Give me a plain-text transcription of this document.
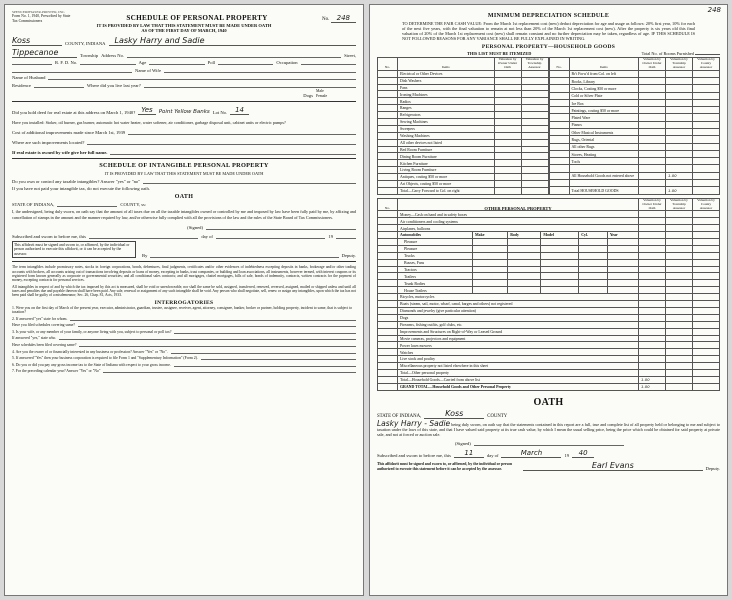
SPENCERPHASER-PRINTER, INC.
Form No. 1, 1940, Prescribed by State Tax Commissioners	SCHEDULE OF PERSONAL PROPERTY	No. 248
IT IS PROVIDED BY LAW THAT THIS STATEMENT MUST BE MADE UNDER OATH
AS OF THE FIRST DAY OF MARCH, 1940
Koss	COUNTY, INDIANA	Lasky Harry and Sadie
Tippecanoe	Township Address No.	Street,
R. F. D. No.	Age	Poll	Occupation
Name of Wife
Name of Husband
Residence	Where did you live last year?
Dogs
Male
Female
Did you hold deed for real estate at this address on March 1, 1940? Yes	Point Yellow Banks Lot No.	14
Have you installed: Stoker, oil burner, gas burner, automatic hot water heater, water softener, air conditioner, garbage disposal unit, cabinet units or electric pumps?
Cost of additional improvements made since March 1st, 1939
Where are such improvements located?
If real estate is owned by wife give her full name.
SCHEDULE OF INTANGIBLE PERSONAL PROPERTY
IT IS PROVIDED BY LAW THAT THIS STATEMENT MUST BE MADE UNDER OATH
Do you own or control any taxable intangibles? Answer "yes" or "no"
If you have not paid your intangible tax, do not execute the following oath.
OATH
STATE OF INDIANA,	COUNTY, ss:
I, the undersigned, being duly sworn, on oath say that the amount of all taxes due on all the taxable intangibles owned or controlled by me and imposed by law have been fully paid by me, by affixing and cancellation of stamps in the amount and the manner required by law, and/or otherwise fully complied with all the provisions of the law and the rules of the State Board of Tax Commissioners.
(Signed)
Subscribed and sworn to before me, this	day of	19
This affidavit must be signed and sworn to, or affirmed, by the individual or person authorized to execute this affidavit, or it can be accepted by the assessor.	By	Deputy.
The term intangibles include promissory notes, stocks in foreign corporations, bonds, debentures, final judgments, certificates and/or other evidences of indebtedness excepting deposits in banks, brokerage and/or other trading accounts with brokers, all accounts arising out of transactions involving deposits or loans of money, excepting in banks, trust companies, or building and loan associations, all instruments, however termed, with interest coupons or its registered form known generally as corporate or governmental securities; and all conditional sales contracts; and all mortgages, chattel mortgages, bills of sale, bonds of indemnity, contracts, written contracts for the payment of money, excepting contracts for personal services.
All intangibles in respect of and by which the tax imposed by this act is measured, shall be void or unenforceable, nor shall the same be sold, assigned, transferred, renewed, reversed, assigned, mailed or shipped unless and until all taxes and penalties due and payable thereon shall have been paid. Any sale, renewal or assignment of any such intangible shall be void. Any person who shall negotiate, sell, renew or assign any intangibles, upon which the tax has not been paid shall be guilty of a misdemeanor; Sec. 26, Chap. 81, Acts, 1933.
INTERROGATORIES
1. Were you on the first day of March of the present year, executor, administrator, guardian, trustee, assignee, receiver, agent, attorney, consignee, banker, broker or partner, holding property, incident to same, that is subject to taxation?
2. If answered "yes" state for whom.
Have you filed schedules covering same?
3. Is your wife, or any member of your family, or anyone living with you, subject to personal or poll tax?
If answered "yes," state who.
Have schedules been filed covering same?
4. Are you the owner of or financially interested in any business or profession? Answer "Yes" or "No".
5. If answered "Yes" then your business corporation is required to file Form 1 and "Supplementary Information" (Form 2).
6. Do you or did you pay any gross income tax to the State of Indiana with respect to your gross income.
7. For the preceding calendar year? Answer "Yes" or "No"
248
MINIMUM DEPRECIATION SCHEDULE
TO DETERMINE THE FAIR CASH VALUE: From the March 1st replacement cost (new) deduct depreciation for age and usage as follows: 20% first year, 10% for each of the next five years, with the final valuation to remain at not less than 20% of the March 1st replacement cost (new). After the property is six years old this final valuation of 20% of the March 1st replacement cost (new) shall remain constant and no further depreciation may be taken, regardless of age. IF THIS SCHEDULE IS NOT FOLLOWED REASONS FOR ANY VARIANCE SHALL BE FULLY EXPLAINED IN WRITING.
PERSONAL PROPERTY—HOUSEHOLD GOODS
THIS LIST MUST BE ITEMIZED	Total No. of Rooms Furnished
No.	Items	Valuation by Owner Under Oath	Valuation by Township Assessor
	Electrical or Other Devices		
	Dish Washers		
	Fans		
	Ironing Machines		
	Radios		
	Ranges		
	Refrigerators		
	Sewing Machines		
	Sweepers		
	Washing Machines		
	All other devices not listed		
	Bed Room Furniture		
	Dining Room Furniture		
	Kitchen Furniture		
	Living Room Furniture		
	Antiques, costing $50 or more		
	Art Objects, costing $50 or more		
	Total—Carry Forward to Col. on right		
No.	Items	Valuation by Owner Under Oath	Valuation by Township Assessor	Valuation by County Assessor
	Br't Forw'd from Col. on left			
	Books, Library			
	Clocks, Costing $50 or more			
	Cold or Silver Plate			
	Ice Box			
	Paintings, costing $50 or more			
	Plated Ware			
	Pianos			
	Other Musical Instruments			
	Rugs, Oriental			
	All other Rugs			
	Stoves, Heating			
	Tools			

	All Household Goods not entered above		1.00	

	Total HOUSEHOLD GOODS		1.00	
No.	OTHER PERSONAL PROPERTY						Valuation by Owner Under Oath	Valuation by Township Assessor	Valuation by County Assessor
	Money—Cash on hand and in safety boxes								
	Air conditioners and cooling systems								
	Airplanes, balloons								
	Automobiles	Make	Body	Model	Cyl.	Year			
	Pleasure								
	Pleasure								
	Trucks								
	Busses, Fans								
	Tractors								
	Trailers								
	Trunk Bodies								
	House Trailers								
	Bicycles, motorcycles								
	Boats (steam, sail, motor, wharf, canal, barges and others) not registered								
	Diamonds and jewelry (give particular attention)								
	Dogs								
	Firearms, fishing outfits, golf clubs, etc.								
	Improvements and Structures on Right-of-Way or Leased Ground								
	Movie cameras, projectors and equipment								
	Power lawn mowers								
	Watches								
	Live stock and poultry								
	Miscellaneous property not listed elsewhere in this sheet								
	Total—Other personal property								
	Total—Household Goods—Carried from above list						1.00		
	GRAND TOTAL—Household Goods and Other Personal Property						1.00		
OATH
STATE OF INDIANA,	Koss	COUNTY
Lasky Harry - Sadie being duly sworn, on oath say that the statements contained in this report are a full, true and complete list of all property held or belonging to me and subject to taxation under the laws of this state, and that I have valued said property at its true cash value, by which I mean the usual selling price, being the price which could be obtained for said property at private sale, and not at forced or auction sale.
(Signed)
Subscribed and sworn to before me, this	11	day of	March	19	40
This affidavit must be signed and sworn to, or affirmed, by the individual or person authorized to execute this statement before it can be accepted by the assessor.	Earl Evans	Deputy.
